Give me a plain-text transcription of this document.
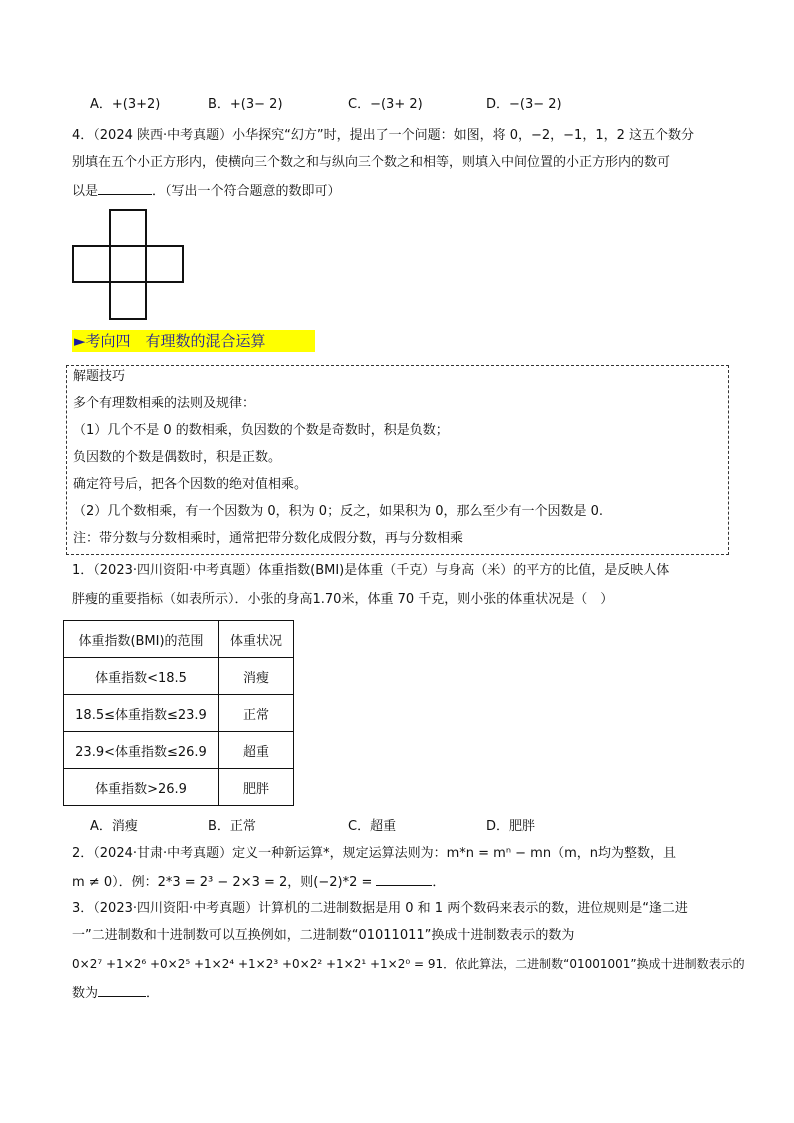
A．+(3+2)	B．+(3− 2)	C．−(3+ 2)	D．−(3− 2)
4．（2024 陕西·中考真题）小华探究“幻方”时，提出了一个问题：如图，将 0，−2，−1，1，2 这五个数分
别填在五个小正方形内，使横向三个数之和与纵向三个数之和相等，则填入中间位置的小正方形内的数可
以是	．（写出一个符合题意的数即可）
►考向四　有理数的混合运算
解题技巧
多个有理数相乘的法则及规律：
（1）几个不是 0 的数相乘，负因数的个数是奇数时，积是负数；
负因数的个数是偶数时，积是正数。
确定符号后，把各个因数的绝对值相乘。
（2）几个数相乘，有一个因数为 0，积为 0；反之，如果积为 0，那么至少有一个因数是 0.
注：带分数与分数相乘时，通常把带分数化成假分数，再与分数相乘
1．（2023·四川资阳·中考真题）体重指数(BMI)是体重（千克）与身高（米）的平方的比值，是反映人体
胖瘦的重要指标（如表所示）．小张的身高1.70米，体重 70 千克，则小张的体重状况是（　）
体重指数(BMI)的范围	体重状况
体重指数<18.5	消瘦
18.5≤体重指数≤23.9	正常
23.9<体重指数≤26.9	超重
体重指数>26.9	肥胖
A．消瘦	B．正常	C．超重	D．肥胖
2．（2024·甘肃·中考真题）定义一种新运算*，规定运算法则为：m*n = mⁿ − mn（m，n均为整数，且
m ≠ 0）．例：2*3 = 2³ − 2×3 = 2，则(−2)*2 =	．
3．（2023·四川资阳·中考真题）计算机的二进制数据是用 0 和 1 两个数码来表示的数，进位规则是“逢二进
一”二进制数和十进制数可以互换例如，二进制数“01011011”换成十进制数表示的数为
0×2⁷ +1×2⁶ +0×2⁵ +1×2⁴ +1×2³ +0×2² +1×2¹ +1×2⁰ = 91．依此算法，二进制数“01001001”换成十进制数表示的
数为	．
